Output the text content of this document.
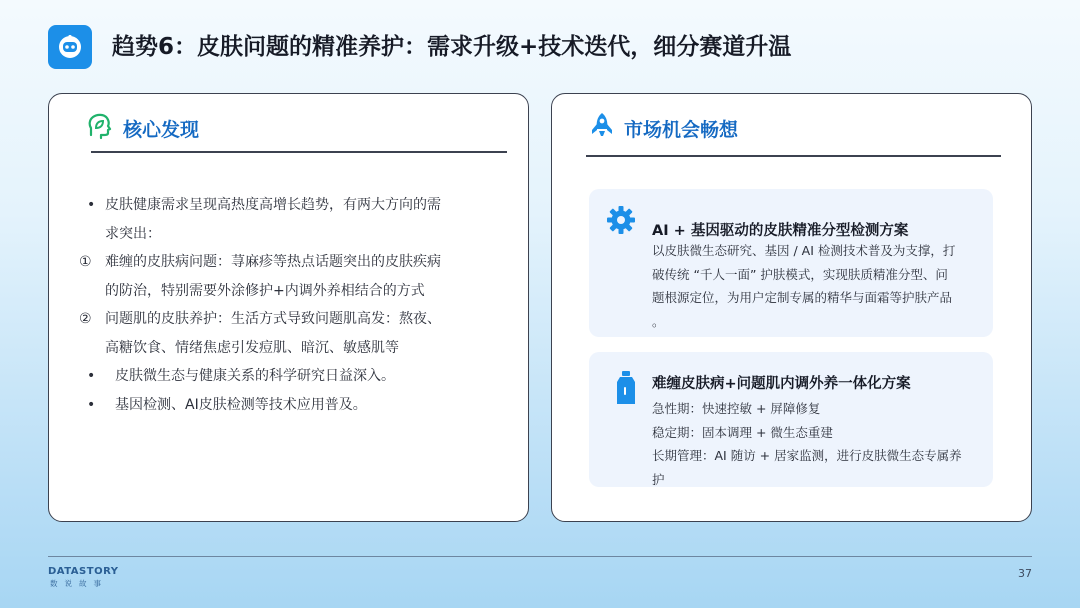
趋势6：皮肤问题的精准养护：需求升级+技术迭代，细分赛道升温
核心发现
• 皮肤健康需求呈现高热度高增长趋势，有两大方向的需
求突出：
① 难缠的皮肤病问题：荨麻疹等热点话题突出的皮肤疾病
的防治，特别需要外涂修护+内调外养相结合的方式
② 问题肌的皮肤养护：生活方式导致问题肌高发：熬夜、
高糖饮食、情绪焦虑引发痘肌、暗沉、敏感肌等
•	皮肤微生态与健康关系的科学研究日益深入。
•	基因检测、AI皮肤检测等技术应用普及。
市场机会畅想
AI + 基因驱动的皮肤精准分型检测方案
以皮肤微生态研究、基因 / AI 检测技术普及为支撑，打
破传统 “千人一面” 护肤模式，实现肤质精准分型、问
题根源定位，为用户定制专属的精华与面霜等护肤产品
。
难缠皮肤病+问题肌内调外养一体化方案
急性期：快速控敏 + 屏障修复
稳定期：固本调理 + 微生态重建
长期管理：AI 随访 + 居家监测，进行皮肤微生态专属养
护
DATASTORY
数说故事
37
